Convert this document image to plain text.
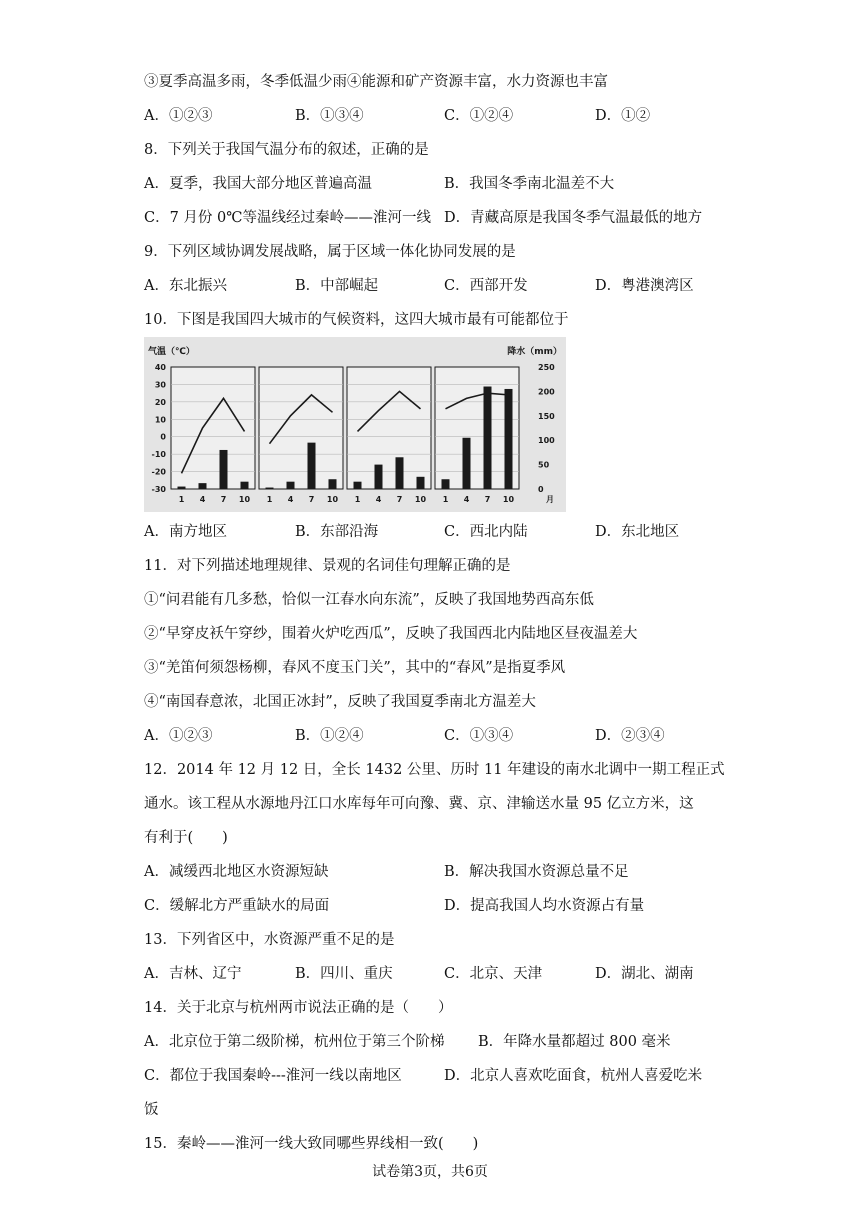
③夏季高温多雨，冬季低温少雨④能源和矿产资源丰富，水力资源也丰富
A．①②③	B．①③④	C．①②④	D．①②
8．下列关于我国气温分布的叙述，正确的是
A．夏季，我国大部分地区普遍高温	B．我国冬季南北温差不大
C．7 月份 0℃等温线经过秦岭——淮河一线 D．青藏高原是我国冬季气温最低的地方
9．下列区域协调发展战略，属于区域一体化协同发展的是
A．东北振兴	B．中部崛起	C．西部开发	D．粤港澳湾区
10．下图是我国四大城市的气候资料，这四大城市最有可能都位于
气温（℃）	降水（mm）
40
30
20
10
0
-10
-20
-30
250
200
150
100
50
0
1 4 7 10 1 4 7 10 1 4 7 10 1 4 7 10	月
A．南方地区	B．东部沿海	C．西北内陆	D．东北地区
11．对下列描述地理规律、景观的名词佳句理解正确的是
①“问君能有几多愁，恰似一江春水向东流”，反映了我国地势西高东低
②“早穿皮袄午穿纱，围着火炉吃西瓜”，反映了我国西北内陆地区昼夜温差大
③“羌笛何须怨杨柳，春风不度玉门关”，其中的“春风”是指夏季风
④“南国春意浓，北国正冰封”，反映了我国夏季南北方温差大
A．①②③	B．①②④	C．①③④	D．②③④
12．2014 年 12 月 12 日，全长 1432 公里、历时 11 年建设的南水北调中一期工程正式
通水。该工程从水源地丹江口水库每年可向豫、冀、京、津输送水量 95 亿立方米，这
有利于(　　)
A．减缓西北地区水资源短缺	B．解决我国水资源总量不足
C．缓解北方严重缺水的局面	D．提高我国人均水资源占有量
13．下列省区中，水资源严重不足的是
A．吉林、辽宁	B．四川、重庆	C．北京、天津	D．湖北、湖南
14．关于北京与杭州两市说法正确的是（　　）
A．北京位于第二级阶梯，杭州位于第三个阶梯 B．年降水量都超过 800 毫米
C．都位于我国秦岭---淮河一线以南地区	D．北京人喜欢吃面食，杭州人喜爱吃米
饭
15．秦岭——淮河一线大致同哪些界线相一致(　　)
试卷第3页，共6页
